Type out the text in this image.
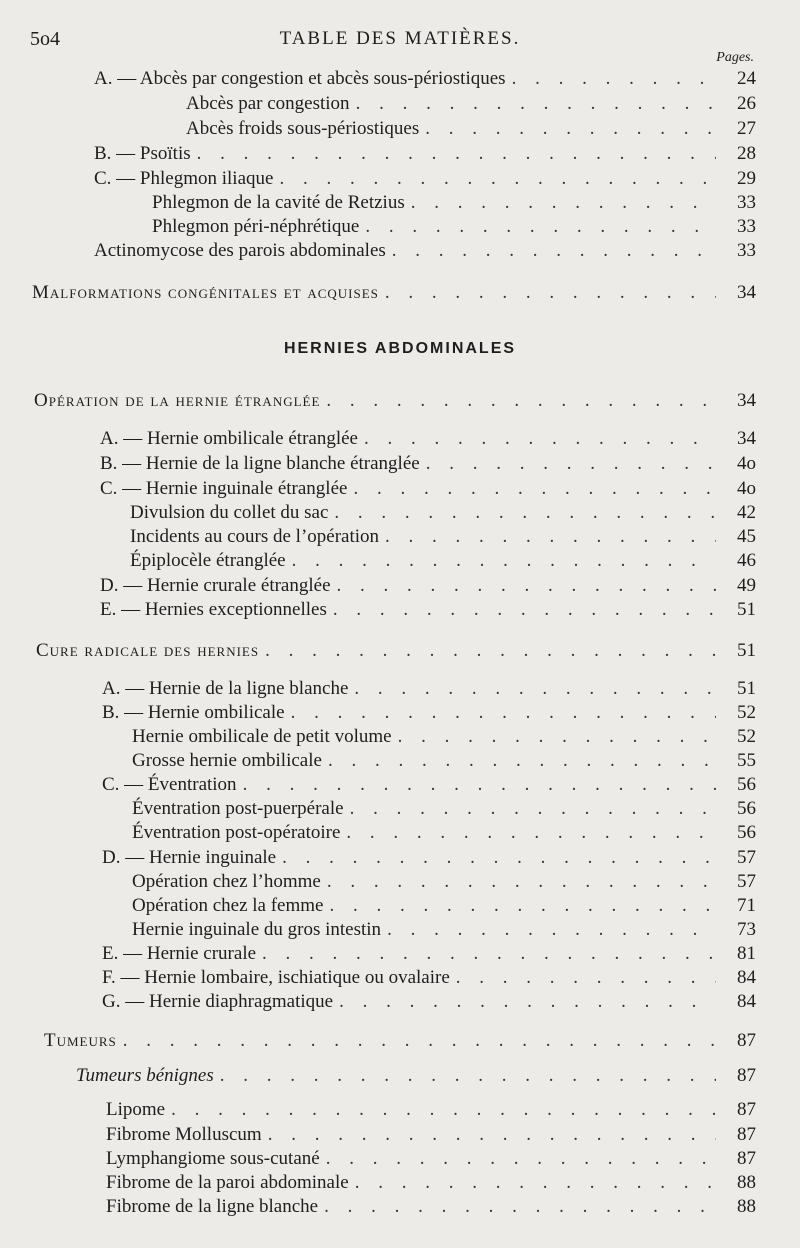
5o4	TABLE DES MATIÈRES.
Pages.
A. — Abcès par congestion et abcès sous-périostiques . . .	24
Abcès par congestion . . .	26
Abcès froids sous-périostiques . . .	27
B. — Psoïtis . . .	28
C. — Phlegmon iliaque . . .	29
Phlegmon de la cavité de Retzius . . .	33
Phlegmon péri-néphrétique . . .	33
Actinomycose des parois abdominales . . .	33
Malformations congénitales et acquises . . .	34
HERNIES ABDOMINALES
Opération de la hernie étranglée . . .	34
A. — Hernie ombilicale étranglée . . .	34
B. — Hernie de la ligne blanche étranglée . . .	4o
C. — Hernie inguinale étranglée . . .	4o
Divulsion du collet du sac . . .	42
Incidents au cours de l’opération . . .	45
Épiplocèle étranglée . . .	46
D. — Hernie crurale étranglée . . .	49
E. — Hernies exceptionnelles . . .	51
Cure radicale des hernies . . .	51
A. — Hernie de la ligne blanche . . .	51
B. — Hernie ombilicale . . .	52
Hernie ombilicale de petit volume . . .	52
Grosse hernie ombilicale . . .	55
C. — Éventration . . .	56
Éventration post-puerpérale . . .	56
Éventration post-opératoire . . .	56
D. — Hernie inguinale . . .	57
Opération chez l’homme . . .	57
Opération chez la femme . . .	71
Hernie inguinale du gros intestin . . .	73
E. — Hernie crurale . . .	81
F. — Hernie lombaire, ischiatique ou ovalaire . . .	84
G. — Hernie diaphragmatique . . .	84
Tumeurs . . .	87
Tumeurs bénignes . . .	87
Lipome . . .	87
Fibrome Molluscum . . .	87
Lymphangiome sous-cutané . . .	87
Fibrome de la paroi abdominale . . .	88
Fibrome de la ligne blanche . . .	88
